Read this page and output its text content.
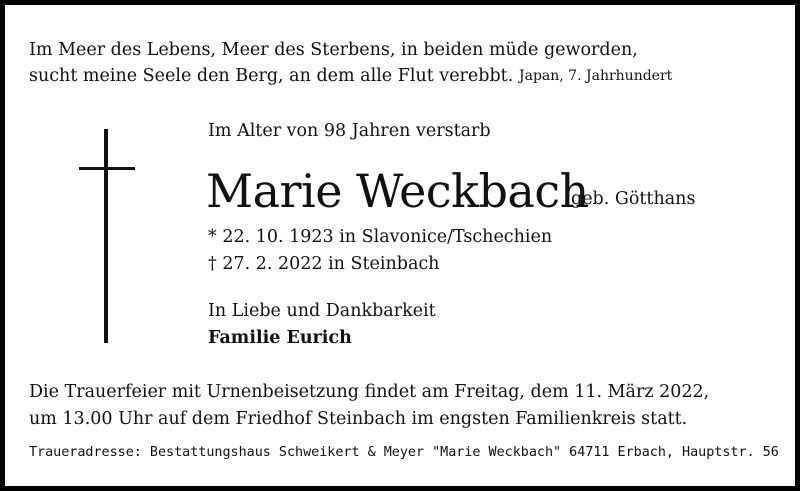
Im Meer des Lebens, Meer des Sterbens, in beiden müde geworden,
sucht meine Seele den Berg, an dem alle Flut verebbt. Japan, 7. Jahrhundert
Im Alter von 98 Jahren verstarb
Marie Weckbach
geb. Götthans
* 22. 10. 1923 in Slavonice/Tschechien
† 27. 2. 2022 in Steinbach
In Liebe und Dankbarkeit
Familie Eurich
Die Trauerfeier mit Urnenbeisetzung findet am Freitag, dem 11. März 2022,
um 13.00 Uhr auf dem Friedhof Steinbach im engsten Familienkreis statt.
Traueradresse: Bestattungshaus Schweikert & Meyer "Marie Weckbach" 64711 Erbach, Hauptstr. 56
